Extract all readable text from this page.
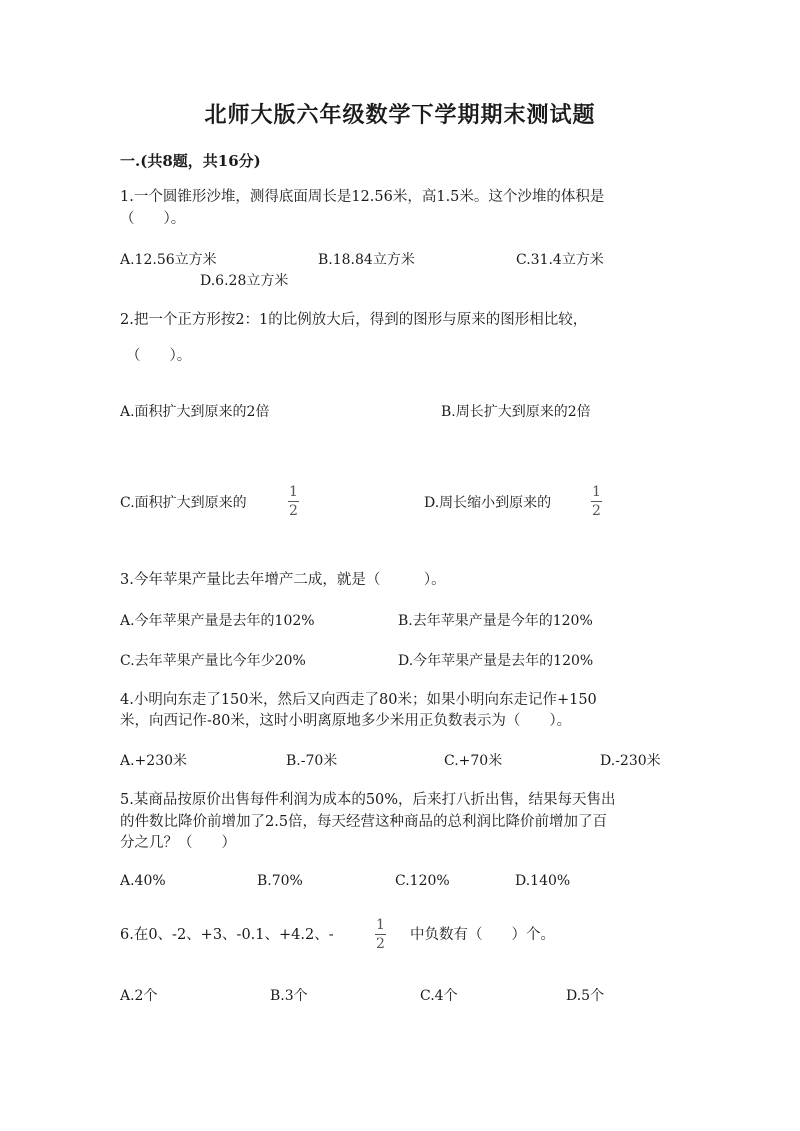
北师大版六年级数学下学期期末测试题
一.(共8题，共16分)
1.一个圆锥形沙堆，测得底面周长是12.56米，高1.5米。这个沙堆的体积是
（　　）。
A.12.56立方米	B.18.84立方米	C.31.4立方米
D.6.28立方米
2.把一个正方形按2：1的比例放大后，得到的图形与原来的图形相比较，
（　　）。
A.面积扩大到原来的2倍	B.周长扩大到原来的2倍
C.面积扩大到原来的
1
2	D.周长缩小到原来的
1
2
3.今年苹果产量比去年增产二成，就是（　　　）。
A.今年苹果产量是去年的102%	B.去年苹果产量是今年的120%
C.去年苹果产量比今年少20%	D.今年苹果产量是去年的120%
4.小明向东走了150米，然后又向西走了80米；如果小明向东走记作+150
米，向西记作-80米，这时小明离原地多少米用正负数表示为（　　）。
A.+230米	B.-70米	C.+70米	D.-230米
5.某商品按原价出售每件利润为成本的50%，后来打八折出售，结果每天售出
的件数比降价前增加了2.5倍，每天经营这种商品的总利润比降价前增加了百
分之几？（　　）
A.40%	B.70%	C.120%	D.140%
6.在0、-2、+3、-0.1、+4.2、-
1
2
中负数有（　　）个。
A.2个	B.3个	C.4个	D.5个
